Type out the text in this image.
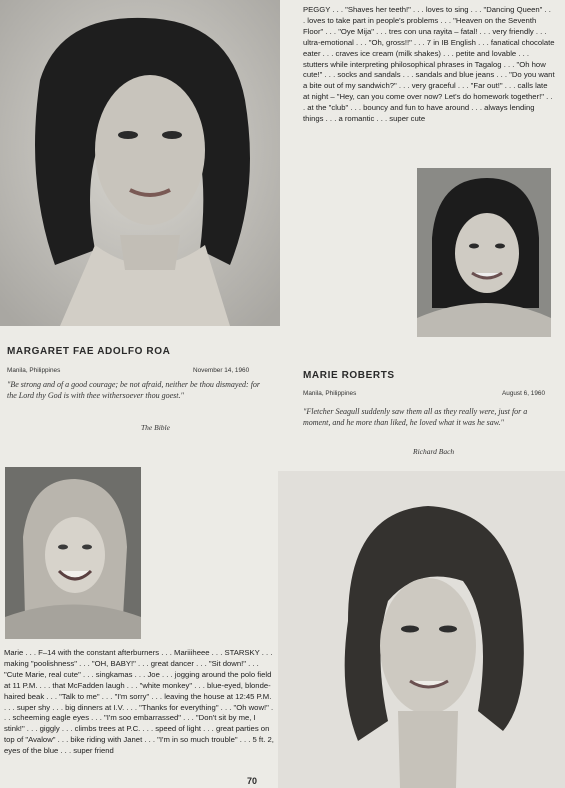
PEGGY . . . "Shaves her teeth!" . . . loves to sing . . . "Dancing Queen" . . . loves to take part in people's problems . . . "Heaven on the Seventh Floor" . . . "Oye Mija" . . . tres con una rayita – fatal! . . . very friendly . . . ultra-emotional . . . "Oh, gross!!" . . . 7 in IB English . . . fanatical chocolate eater . . . craves ice cream (milk shakes) . . . petite and lovable . . . stutters while interpreting philosophical phrases in Tagalog . . . "Oh how cute!" . . . socks and sandals . . . sandals and blue jeans . . . "Do you want a bite out of my sandwich?" . . . very graceful . . . "Far out!" . . . calls late at night – "Hey, can you come over now? Let's do homework together!" . . . at the "club" . . . bouncy and fun to have around . . . always lending things . . . a romantic . . . super cute
MARGARET FAE ADOLFO ROA
Manila, Philippines	November 14, 1960
"Be strong and of a good courage; be not afraid, neither be thou dismayed: for the Lord thy God is with thee withersoever thou goest."
The Bible
MARIE ROBERTS
Manila, Philippines	August 6, 1960
"Fletcher Seagull suddenly saw them all as they really were, just for a moment, and he more than liked, he loved what it was he saw."
Richard Bach
Marie . . . F–14 with the constant afterburners . . . Mariiiheee . . . STARSKY . . . making "poolishness" . . . "OH, BABY!" . . . great dancer . . . "Sit down!" . . . "Cute Marie, real cute" . . . singkamas . . . Joe . . . jogging around the polo field at 11 P.M. . . . that McFadden laugh . . . "white monkey" . . . blue-eyed, blonde-haired beak . . . "Talk to me" . . . "I'm sorry" . . . leaving the house at 12:45 P.M. . . . super shy . . . big dinners at I.V. . . . "Thanks for everything" . . . "Oh wow!" . . . scheeming eagle eyes . . . "I'm soo embarrassed" . . . "Don't sit by me, I stink!" . . . giggly . . . climbs trees at P.C. . . . speed of light . . . great parties on top of "Avalow" . . . bike riding with Janet . . . "I'm in so much trouble" . . . 5 ft. 2, eyes of the blue . . . super friend
70
